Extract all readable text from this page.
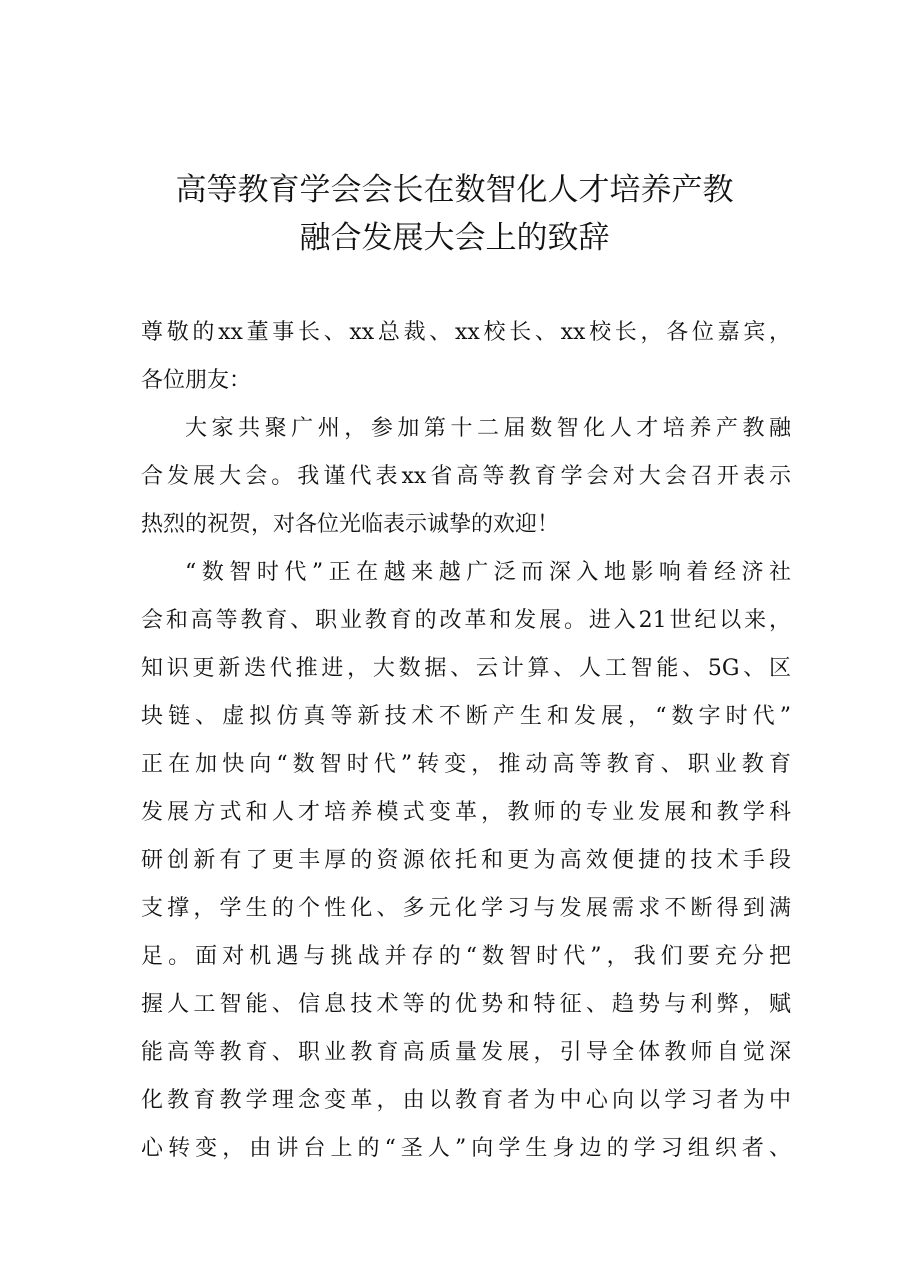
高等教育学会会长在数智化人才培养产教
融合发展大会上的致辞

尊敬的xx董事长、xx总裁、xx校长、xx校长，各位嘉宾，

各位朋友：

大家共聚广州，参加第十二届数智化人才培养产教融

合发展大会。我谨代表xx省高等教育学会对大会召开表示

热烈的祝贺，对各位光临表示诚挚的欢迎！

“数智时代”正在越来越广泛而深入地影响着经济社

会和高等教育、职业教育的改革和发展。进入21世纪以来，

知识更新迭代推进，大数据、云计算、人工智能、5G、区

块链、虚拟仿真等新技术不断产生和发展，“数字时代”

正在加快向“数智时代”转变，推动高等教育、职业教育

发展方式和人才培养模式变革，教师的专业发展和教学科

研创新有了更丰厚的资源依托和更为高效便捷的技术手段

支撑，学生的个性化、多元化学习与发展需求不断得到满

足。面对机遇与挑战并存的“数智时代”，我们要充分把

握人工智能、信息技术等的优势和特征、趋势与利弊，赋

能高等教育、职业教育高质量发展，引导全体教师自觉深

化教育教学理念变革，由以教育者为中心向以学习者为中

心转变，由讲台上的“圣人”向学生身边的学习组织者、
